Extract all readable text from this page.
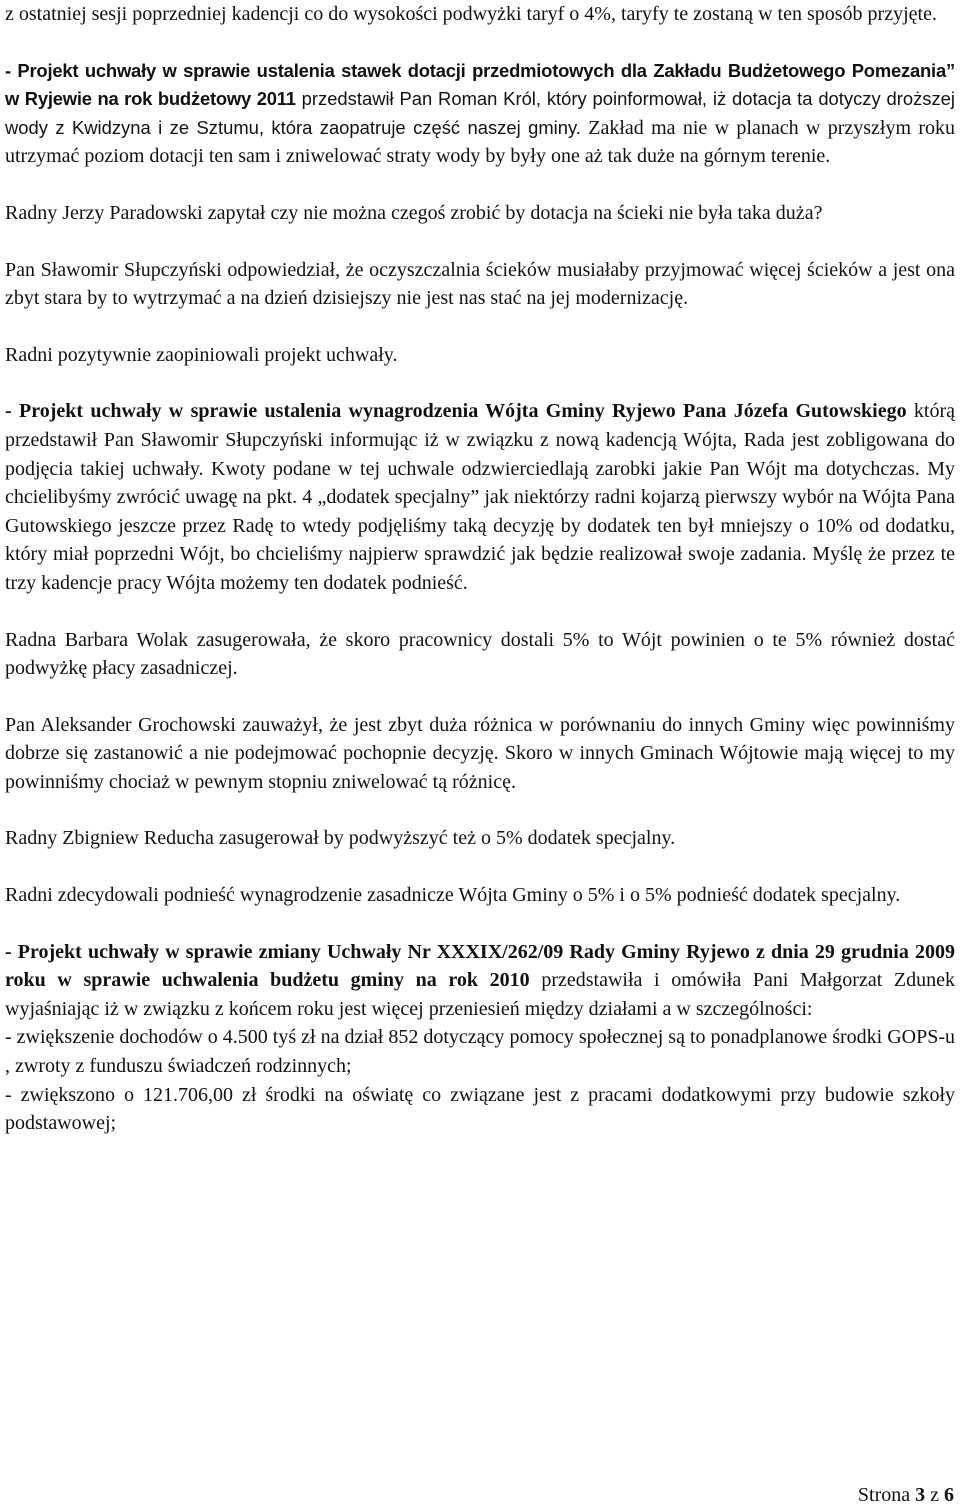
z ostatniej sesji poprzedniej kadencji co do wysokości podwyżki taryf o 4%, taryfy te zostaną w ten sposób przyjęte.

- Projekt uchwały w sprawie ustalenia stawek dotacji przedmiotowych dla Zakładu Budżetowego Pomezania” w Ryjewie na rok budżetowy 2011 przedstawił Pan Roman Król, który poinformował, iż dotacja ta dotyczy droższej wody z Kwidzyna i ze Sztumu, która zaopatruje część naszej gminy. Zakład ma nie w planach w przyszłym roku utrzymać poziom dotacji ten sam i zniwelować straty wody by były one aż tak duże na górnym terenie.

Radny Jerzy Paradowski zapytał czy nie można czegoś zrobić by dotacja na ścieki nie była taka duża?

Pan Sławomir Słupczyński odpowiedział, że oczyszczalnia ścieków musiałaby przyjmować więcej ścieków a jest ona zbyt stara by to wytrzymać a na dzień dzisiejszy nie jest nas stać na jej modernizację.

Radni pozytywnie zaopiniowali projekt uchwały.

- Projekt uchwały w sprawie ustalenia wynagrodzenia Wójta Gminy Ryjewo Pana Józefa Gutowskiego którą przedstawił Pan Sławomir Słupczyński informując iż w związku z nową kadencją Wójta, Rada jest zobligowana do podjęcia takiej uchwały. Kwoty podane w tej uchwale odzwierciedlają zarobki jakie Pan Wójt ma dotychczas. My chcielibyśmy zwrócić uwagę na pkt. 4 „dodatek specjalny” jak niektórzy radni kojarzą pierwszy wybór na Wójta Pana Gutowskiego jeszcze przez Radę to wtedy podjęliśmy taką decyzję by dodatek ten był mniejszy o 10% od dodatku, który miał poprzedni Wójt, bo chcieliśmy najpierw sprawdzić jak będzie realizował swoje zadania. Myślę że przez te trzy kadencje pracy Wójta możemy ten dodatek podnieść.

Radna Barbara Wolak zasugerowała, że skoro pracownicy dostali 5% to Wójt powinien o te 5% również dostać podwyżkę płacy zasadniczej.

Pan Aleksander Grochowski zauważył, że jest zbyt duża różnica w porównaniu do innych Gminy więc powinniśmy dobrze się zastanowić a nie podejmować pochopnie decyzję. Skoro w innych Gminach Wójtowie mają więcej to my powinniśmy chociaż w pewnym stopniu zniwelować tą różnicę.

Radny Zbigniew Reducha zasugerował by podwyższyć też o 5% dodatek specjalny.

Radni zdecydowali podnieść wynagrodzenie zasadnicze Wójta Gminy o 5% i o 5% podnieść dodatek specjalny.

- Projekt uchwały w sprawie zmiany Uchwały Nr XXXIX/262/09 Rady Gminy Ryjewo z dnia 29 grudnia 2009 roku w sprawie uchwalenia budżetu gminy na rok 2010 przedstawiła i omówiła Pani Małgorzat Zdunek wyjaśniając iż w związku z końcem roku jest więcej przeniesień między działami a w szczególności:

- zwiększenie dochodów o 4.500 tyś zł na dział 852 dotyczący pomocy społecznej są to ponadplanowe środki GOPS-u , zwroty z funduszu świadczeń rodzinnych;

- zwiększono o 121.706,00 zł środki na oświatę co związane jest z pracami dodatkowymi przy budowie szkoły podstawowej;

Strona 3 z 6
